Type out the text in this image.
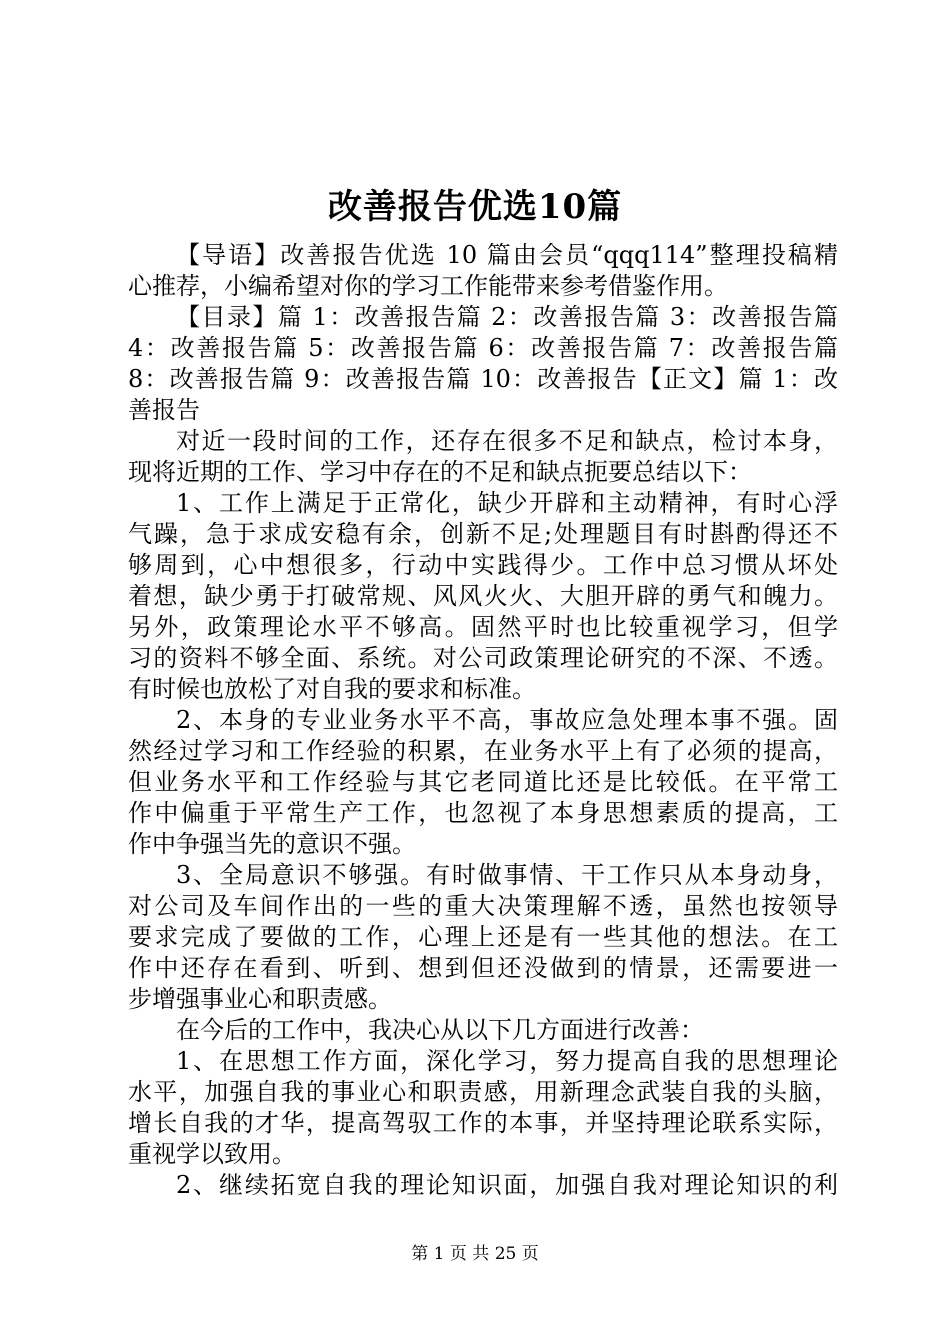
改善报告优选10篇
【导语】改善报告优选 10 篇由会员“qqq114”整理投稿精
心推荐，小编希望对你的学习工作能带来参考借鉴作用。
【目录】篇 1：改善报告篇 2：改善报告篇 3：改善报告篇
4：改善报告篇 5：改善报告篇 6：改善报告篇 7：改善报告篇
8：改善报告篇 9：改善报告篇 10：改善报告【正文】篇 1：改
善报告
对近一段时间的工作，还存在很多不足和缺点，检讨本身，
现将近期的工作、学习中存在的不足和缺点扼要总结以下：
1、工作上满足于正常化，缺少开辟和主动精神，有时心浮
气躁，急于求成安稳有余，创新不足;处理题目有时斟酌得还不
够周到，心中想很多，行动中实践得少。工作中总习惯从坏处
着想，缺少勇于打破常规、风风火火、大胆开辟的勇气和魄力。
另外，政策理论水平不够高。固然平时也比较重视学习，但学
习的资料不够全面、系统。对公司政策理论研究的不深、不透。
有时候也放松了对自我的要求和标准。
2、本身的专业业务水平不高，事故应急处理本事不强。固
然经过学习和工作经验的积累，在业务水平上有了必须的提高，
但业务水平和工作经验与其它老同道比还是比较低。在平常工
作中偏重于平常生产工作，也忽视了本身思想素质的提高，工
作中争强当先的意识不强。
3、全局意识不够强。有时做事情、干工作只从本身动身，
对公司及车间作出的一些的重大决策理解不透，虽然也按领导
要求完成了要做的工作，心理上还是有一些其他的想法。在工
作中还存在看到、听到、想到但还没做到的情景，还需要进一
步增强事业心和职责感。
在今后的工作中，我决心从以下几方面进行改善：
1、在思想工作方面，深化学习，努力提高自我的思想理论
水平，加强自我的事业心和职责感，用新理念武装自我的头脑，
增长自我的才华，提高驾驭工作的本事，并坚持理论联系实际，
重视学以致用。
2、继续拓宽自我的理论知识面，加强自我对理论知识的利
第 1 页 共 25 页
